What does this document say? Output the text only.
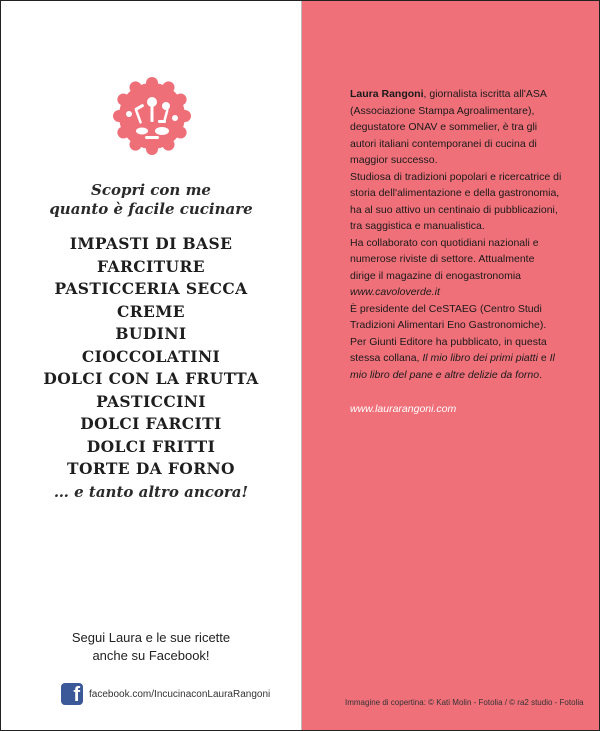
Scopri con me
quanto è facile cucinare
IMPASTI DI BASE
FARCITURE
PASTICCERIA SECCA
CREME
BUDINI
CIOCCOLATINI
DOLCI CON LA FRUTTA
PASTICCINI
DOLCI FARCITI
DOLCI FRITTI
TORTE DA FORNO
… e tanto altro ancora!
Segui Laura e le sue ricette
anche su Facebook!
f facebook.com/IncucinaconLauraRangoni
Laura Rangoni, giornalista iscritta all'ASA (Associazione Stampa Agroalimentare), degustatore ONAV e sommelier, è tra gli autori italiani contemporanei di cucina di maggior successo.
Studiosa di tradizioni popolari e ricercatrice di storia dell'alimentazione e della gastronomia, ha al suo attivo un centinaio di pubblicazioni, tra saggistica e manualistica.
Ha collaborato con quotidiani nazionali e numerose riviste di settore. Attualmente dirige il magazine di enogastronomia www.cavoloverde.it
È presidente del CeSTAEG (Centro Studi Tradizioni Alimentari Eno Gastronomiche).
Per Giunti Editore ha pubblicato, in questa stessa collana, Il mio libro dei primi piatti e Il mio libro del pane e altre delizie da forno.
www.laurarangoni.com
Immagine di copertina: © Kati Molin - Fotolia / © ra2 studio - Fotolia
